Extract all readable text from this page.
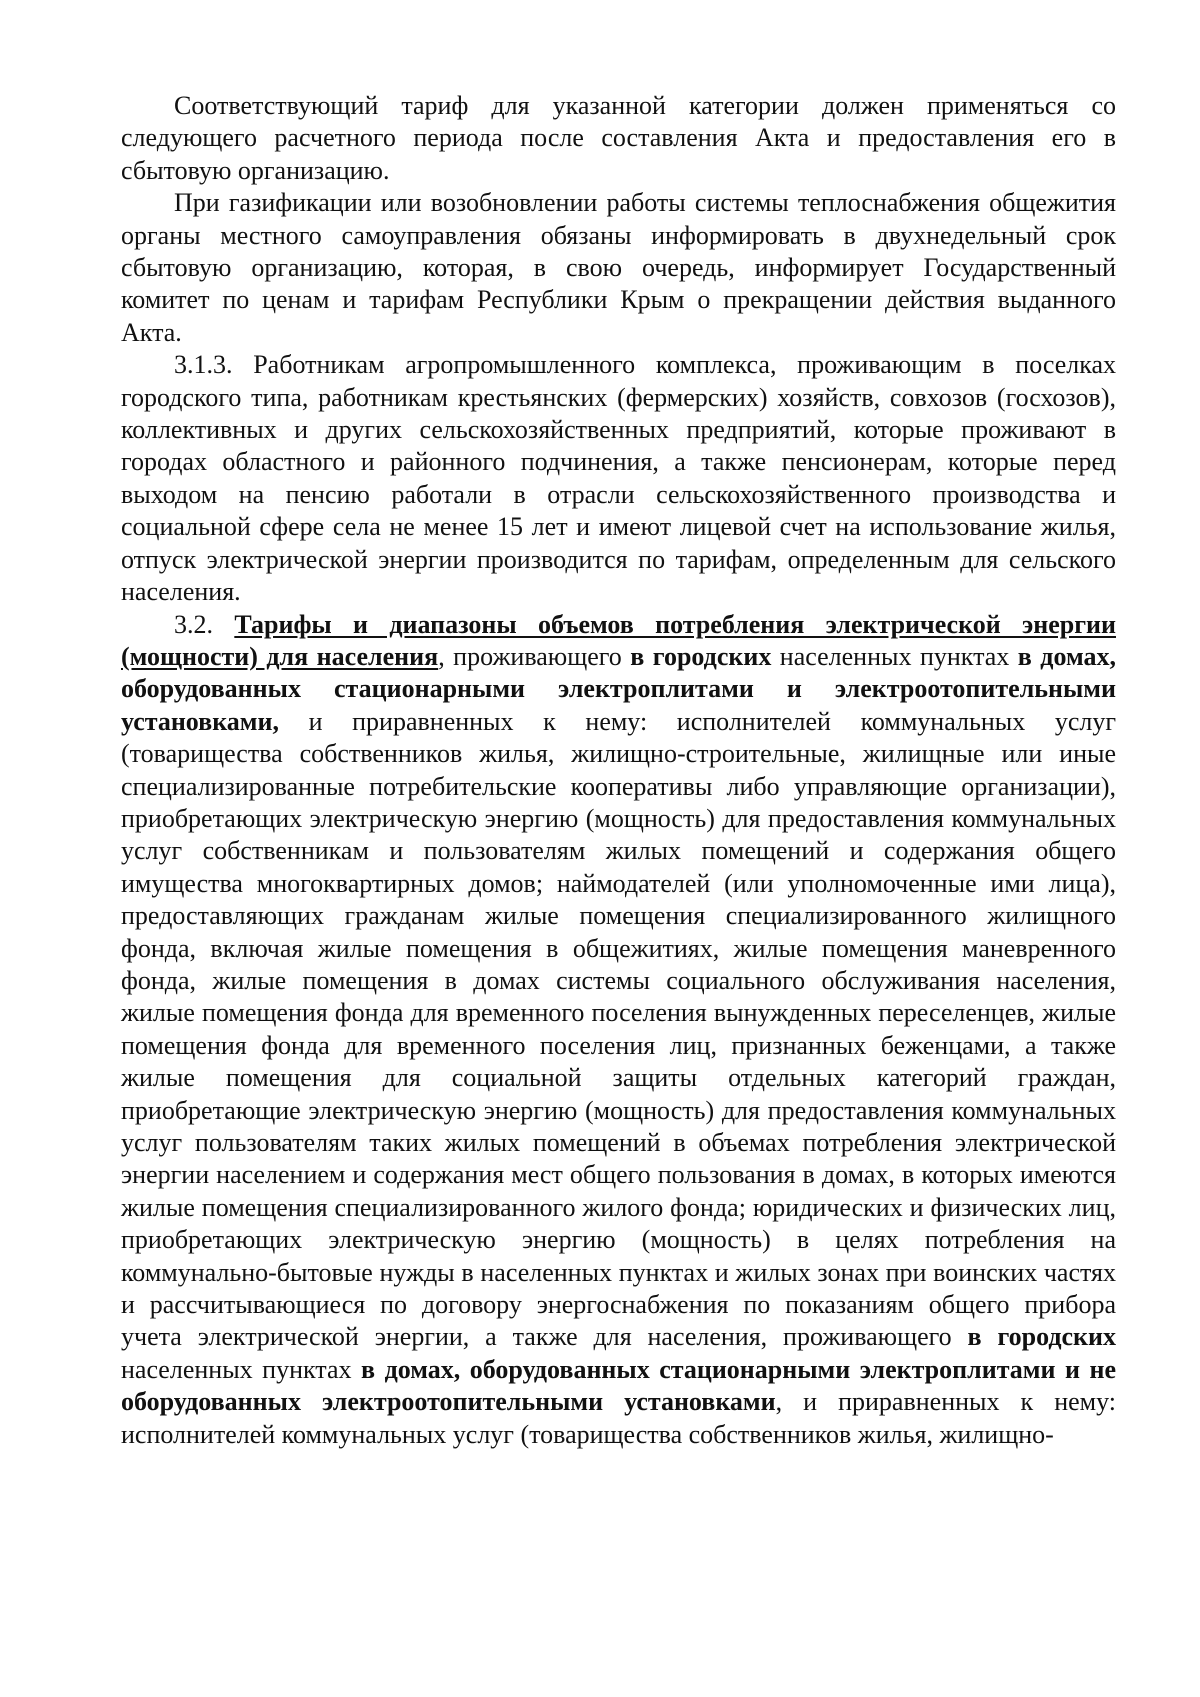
Соответствующий тариф для указанной категории должен применяться со следующего расчетного периода после составления Акта и предоставления его в сбытовую организацию.

При газификации или возобновлении работы системы теплоснабжения общежития органы местного самоуправления обязаны информировать в двухнедельный срок сбытовую организацию, которая, в свою очередь, информирует Государственный комитет по ценам и тарифам Республики Крым о прекращении действия выданного Акта.

3.1.3. Работникам агропромышленного комплекса, проживающим в поселках городского типа, работникам крестьянских (фермерских) хозяйств, совхозов (госхозов), коллективных и других сельскохозяйственных предприятий, которые проживают в городах областного и районного подчинения, а также пенсионерам, которые перед выходом на пенсию работали в отрасли сельскохозяйственного производства и социальной сфере села не менее 15 лет и имеют лицевой счет на использование жилья, отпуск электрической энергии производится по тарифам, определенным для сельского населения.

3.2. Тарифы и диапазоны объемов потребления электрической энергии (мощности) для населения, проживающего в городских населенных пунктах в домах, оборудованных стационарными электроплитами и электроотопительными установками, и приравненных к нему: исполнителей коммунальных услуг (товарищества собственников жилья, жилищно-строительные, жилищные или иные специализированные потребительские кооперативы либо управляющие организации), приобретающих электрическую энергию (мощность) для предоставления коммунальных услуг собственникам и пользователям жилых помещений и содержания общего имущества многоквартирных домов; наймодателей (или уполномоченные ими лица), предоставляющих гражданам жилые помещения специализированного жилищного фонда, включая жилые помещения в общежитиях, жилые помещения маневренного фонда, жилые помещения в домах системы социального обслуживания населения, жилые помещения фонда для временного поселения вынужденных переселенцев, жилые помещения фонда для временного поселения лиц, признанных беженцами, а также жилые помещения для социальной защиты отдельных категорий граждан, приобретающие электрическую энергию (мощность) для предоставления коммунальных услуг пользователям таких жилых помещений в объемах потребления электрической энергии населением и содержания мест общего пользования в домах, в которых имеются жилые помещения специализированного жилого фонда; юридических и физических лиц, приобретающих электрическую энергию (мощность) в целях потребления на коммунально-бытовые нужды в населенных пунктах и жилых зонах при воинских частях и рассчитывающиеся по договору энергоснабжения по показаниям общего прибора учета электрической энергии, а также для населения, проживающего в городских населенных пунктах в домах, оборудованных стационарными электроплитами и не оборудованных электроотопительными установками, и приравненных к нему: исполнителей коммунальных услуг (товарищества собственников жилья, жилищно-
